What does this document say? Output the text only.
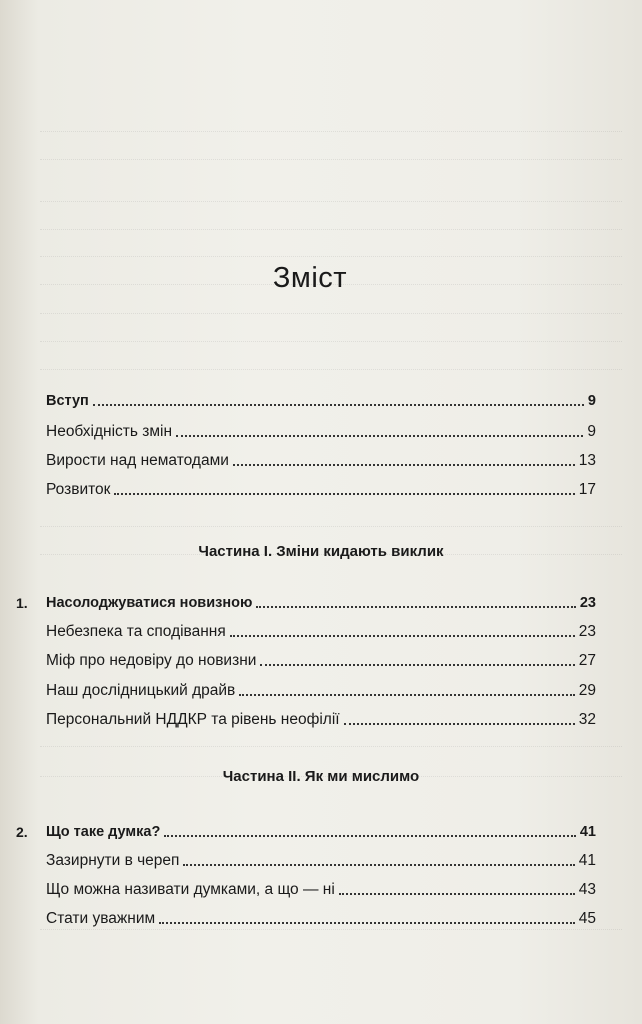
Зміст
Вступ	9
Необхідність змін	9
Вирости над нематодами	13
Розвиток	17
Частина I. Зміни кидають виклик
1. Насолоджуватися новизною	23
Небезпека та сподівання	23
Міф про недовіру до новизни	27
Наш дослідницький драйв	29
Персональний НДДКР та рівень неофілії	32
Частина II. Як ми мислимо
2. Що таке думка?	41
Зазирнути в череп	41
Що можна називати думками, а що — ні	43
Стати уважним	45
